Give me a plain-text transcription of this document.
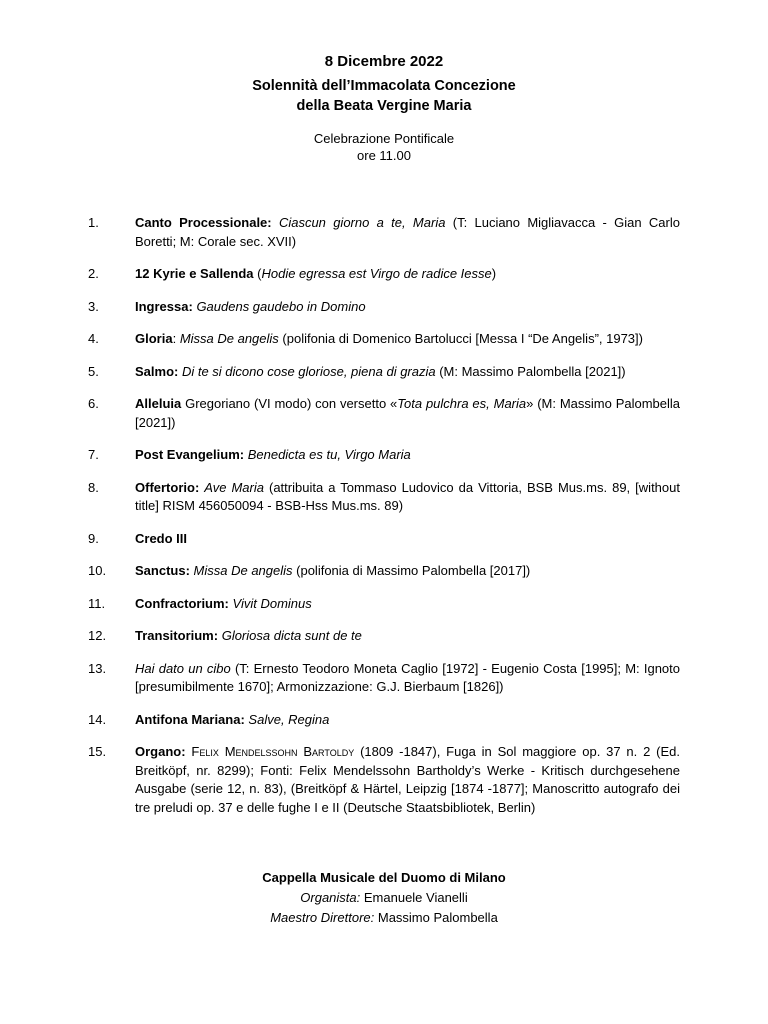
8 Dicembre 2022
Solennità dell’Immacolata Concezione
della Beata Vergine Maria
Celebrazione Pontificale
ore 11.00
1.	Canto Processionale: Ciascun giorno a te, Maria (T: Luciano Migliavacca - Gian Carlo Boretti; M: Corale sec. XVII)
2.	12 Kyrie e Sallenda (Hodie egressa est Virgo de radice Iesse)
3.	Ingressa: Gaudens gaudebo in Domino
4.	Gloria: Missa De angelis (polifonia di Domenico Bartolucci [Messa I “De Angelis”, 1973])
5.	Salmo: Di te si dicono cose gloriose, piena di grazia (M: Massimo Palombella [2021])
6.	Alleluia Gregoriano (VI modo) con versetto «Tota pulchra es, Maria» (M: Massimo Palombella [2021])
7.	Post Evangelium: Benedicta es tu, Virgo Maria
8.	Offertorio: Ave Maria (attribuita a Tommaso Ludovico da Vittoria, BSB Mus.ms. 89, [without title] RISM 456050094 - BSB-Hss Mus.ms. 89)
9.	Credo III
10.	Sanctus: Missa De angelis (polifonia di Massimo Palombella [2017])
11.	Confractorium: Vivit Dominus
12.	Transitorium: Gloriosa dicta sunt de te
13.	Hai dato un cibo (T: Ernesto Teodoro Moneta Caglio [1972] - Eugenio Costa [1995]; M: Ignoto [presumibilmente 1670]; Armonizzazione: G.J. Bierbaum [1826])
14.	Antifona Mariana: Salve, Regina
15.	Organo: Felix Mendelssohn Bartoldy (1809 -1847), Fuga in Sol maggiore op. 37 n. 2 (Ed. Breitköpf, nr. 8299); Fonti: Felix Mendelssohn Bartholdy’s Werke - Kritisch durchgesehene Ausgabe (serie 12, n. 83), (Breitköpf & Härtel, Leipzig [1874 -1877]; Manoscritto autografo dei tre preludi op. 37 e delle fughe I e II (Deutsche Staatsbibliotek, Berlin)
Cappella Musicale del Duomo di Milano
Organista: Emanuele Vianelli
Maestro Direttore: Massimo Palombella
